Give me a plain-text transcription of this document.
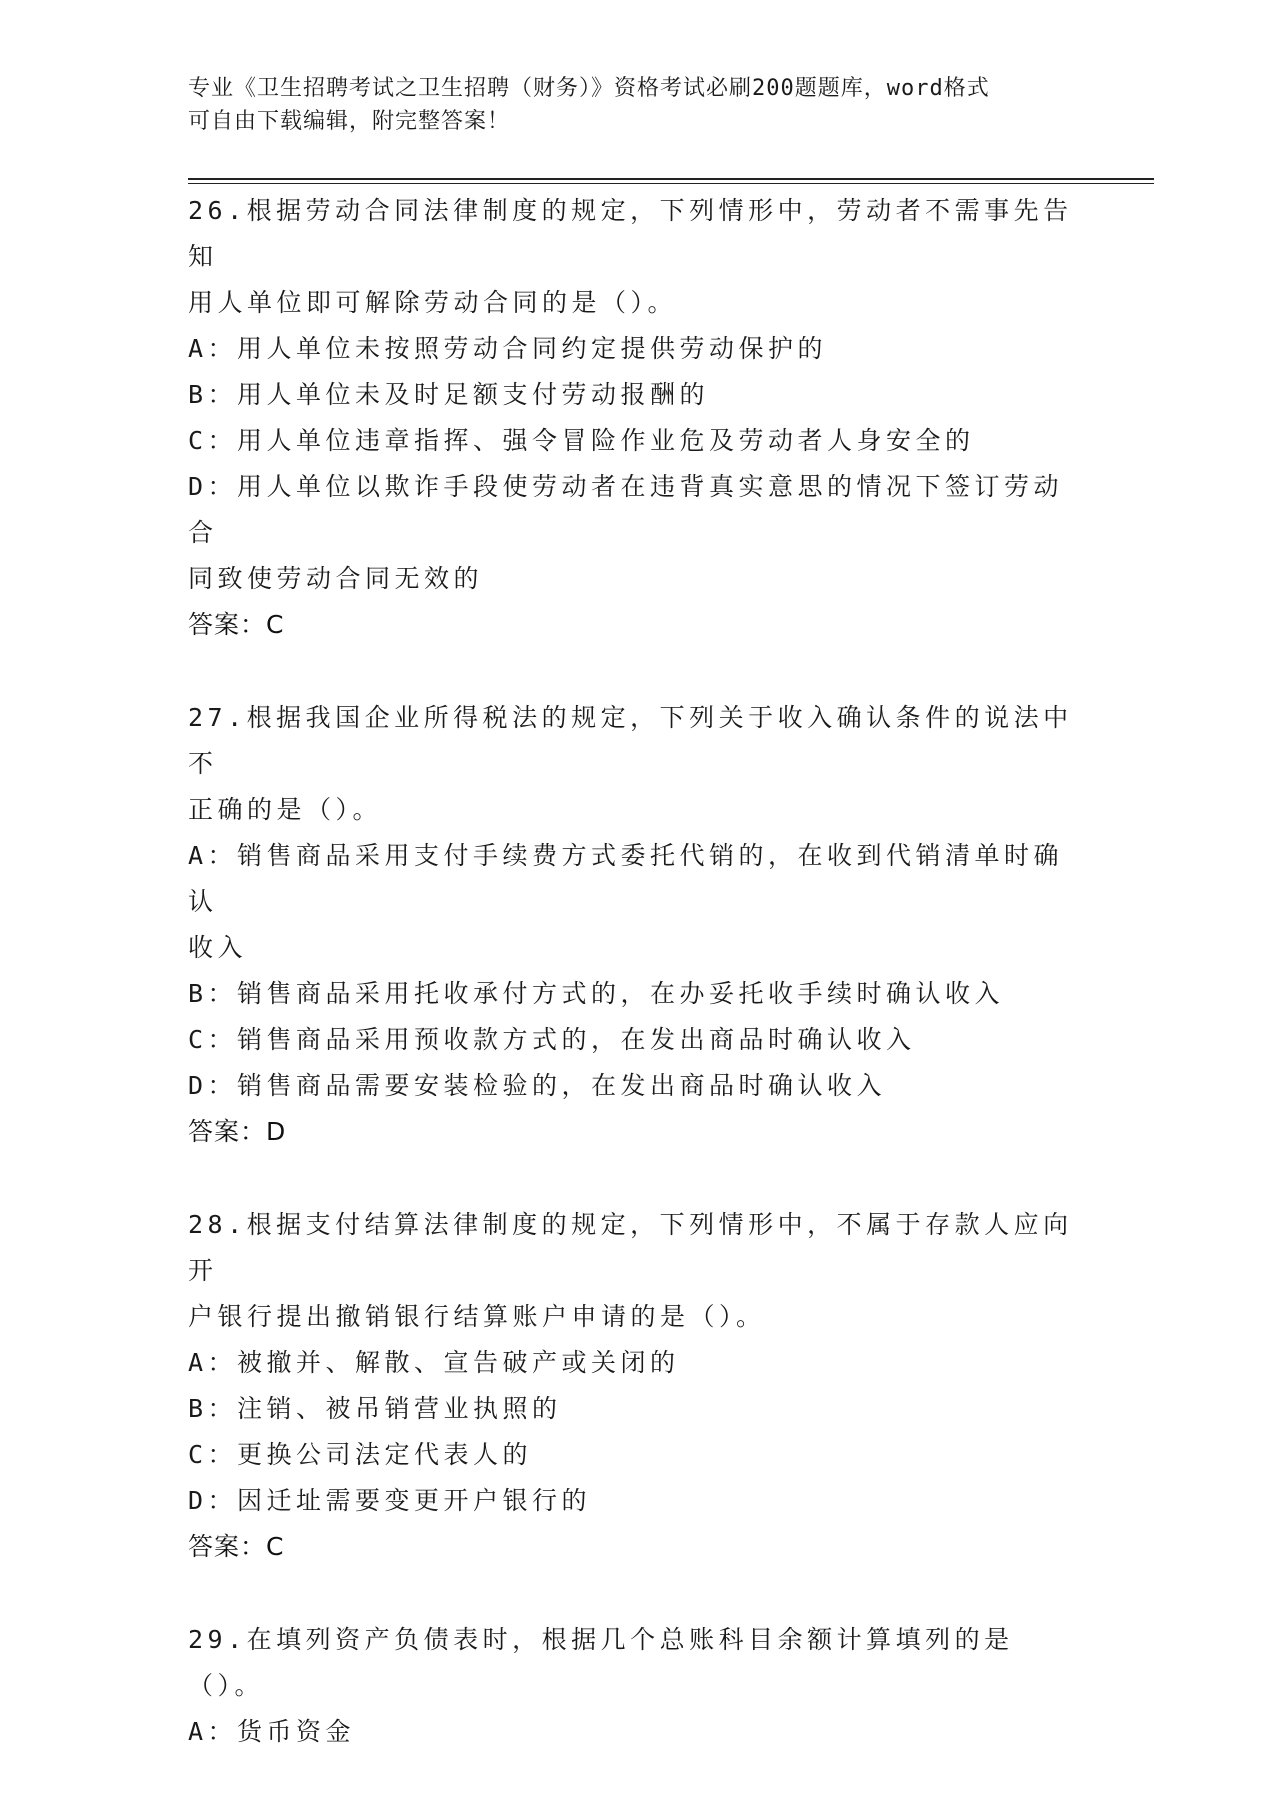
专业《卫生招聘考试之卫生招聘（财务）》资格考试必刷200题题库，word格式
可自由下载编辑，附完整答案！
26.根据劳动合同法律制度的规定，下列情形中，劳动者不需事先告知
用人单位即可解除劳动合同的是（）。
A：用人单位未按照劳动合同约定提供劳动保护的
B：用人单位未及时足额支付劳动报酬的
C：用人单位违章指挥、强令冒险作业危及劳动者人身安全的
D：用人单位以欺诈手段使劳动者在违背真实意思的情况下签订劳动合
同致使劳动合同无效的
答案：C
27.根据我国企业所得税法的规定，下列关于收入确认条件的说法中不
正确的是（）。
A：销售商品采用支付手续费方式委托代销的，在收到代销清单时确认
收入
B：销售商品采用托收承付方式的，在办妥托收手续时确认收入
C：销售商品采用预收款方式的，在发出商品时确认收入
D：销售商品需要安装检验的，在发出商品时确认收入
答案：D
28.根据支付结算法律制度的规定，下列情形中，不属于存款人应向开
户银行提出撤销银行结算账户申请的是（）。
A：被撤并、解散、宣告破产或关闭的
B：注销、被吊销营业执照的
C：更换公司法定代表人的
D：因迁址需要变更开户银行的
答案：C
29.在填列资产负债表时，根据几个总账科目余额计算填列的是（）。
A：货币资金
